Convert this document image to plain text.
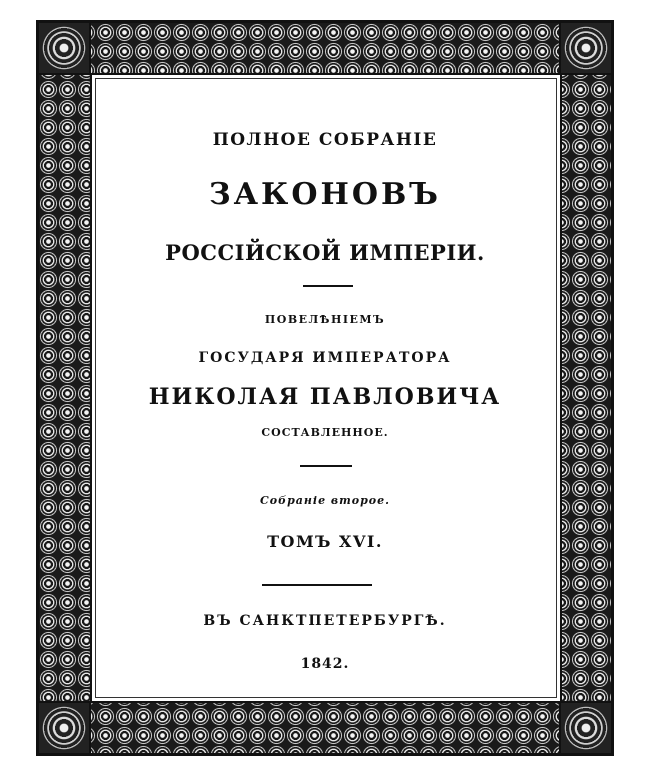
ПОЛНОЕ СОБРАНІЕ
ЗАКОНОВЪ
РОССІЙСКОЙ ИМПЕРІИ.
ПОВЕЛѢНІЕМЪ
ГОСУДАРЯ ИМПЕРАТОРА
НИКОЛАЯ ПАВЛОВИЧА
СОСТАВЛЕННОЕ.
Собраніе второе.
ТОМЪ XVI.
ВЪ САНКТПЕТЕРБУРГѢ.
1842.
